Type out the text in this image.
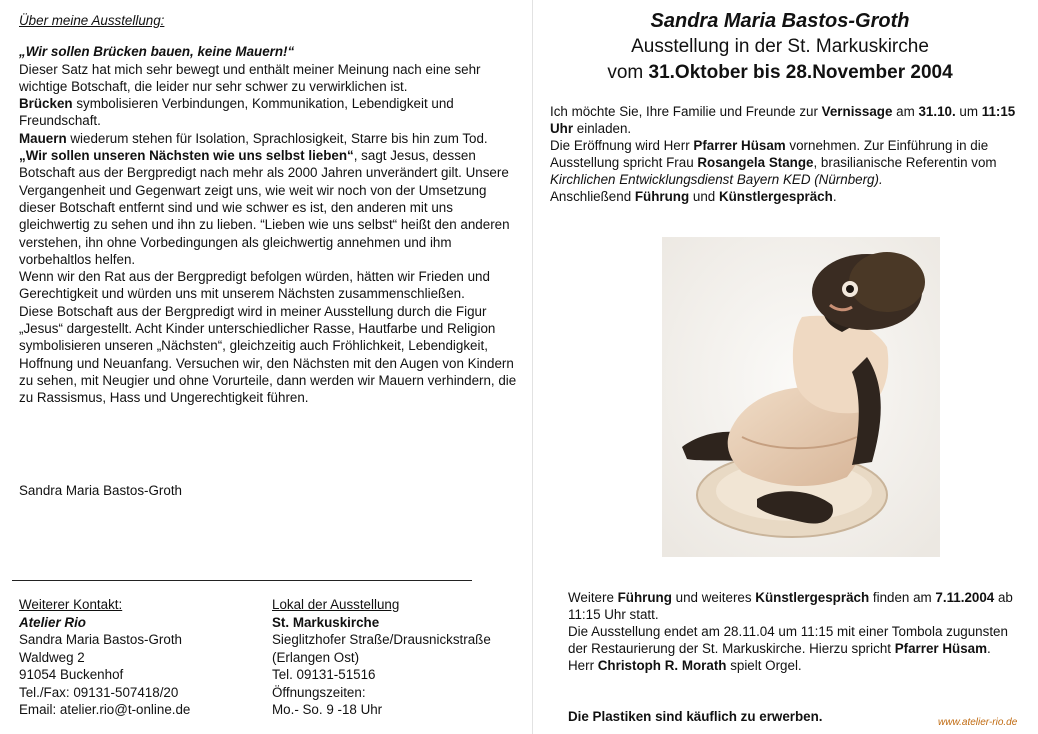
Über meine Ausstellung:

„Wir sollen Brücken bauen, keine Mauern!“

Dieser Satz hat mich sehr bewegt und enthält meiner Meinung nach eine sehr wichtige Botschaft, die leider nur sehr schwer zu verwirklichen ist.

Brücken symbolisieren Verbindungen, Kommunikation, Lebendigkeit und Freundschaft.

Mauern wiederum stehen für Isolation, Sprachlosigkeit, Starre bis hin zum Tod.

„Wir sollen unseren Nächsten wie uns selbst lieben“, sagt Jesus, dessen Botschaft aus der Bergpredigt nach mehr als 2000 Jahren unverändert gilt. Unsere Vergangenheit und Gegenwart zeigt uns, wie weit wir noch von der Umsetzung dieser Botschaft entfernt sind und wie schwer es ist, den anderen mit uns gleichwertig zu sehen und ihn zu lieben. “Lieben wie uns selbst“ heißt den anderen verstehen, ihn ohne Vorbedingungen als gleichwertig annehmen und ihm vorbehaltlos helfen.

Wenn wir den Rat aus der Bergpredigt befolgen würden, hätten wir Frieden und Gerechtigkeit und würden uns mit unserem Nächsten zusammenschließen.

Diese Botschaft aus der Bergpredigt wird in meiner Ausstellung durch die Figur „Jesus“ dargestellt. Acht Kinder unterschiedlicher Rasse, Hautfarbe und Religion symbolisieren unseren „Nächsten“, gleichzeitig auch Fröhlichkeit, Lebendigkeit, Hoffnung und Neuanfang. Versuchen wir, den Nächsten mit den Augen von Kindern zu sehen, mit Neugier und ohne Vorurteile, dann werden wir Mauern verhindern, die zu Rassismus, Hass und Ungerechtigkeit führen.

Sandra Maria Bastos-Groth
Weiterer Kontakt:
Atelier Rio
Sandra Maria Bastos-Groth
Waldweg 2
91054 Buckenhof
Tel./Fax: 09131-507418/20
Email: atelier.rio@t-online.de
Lokal der Ausstellung
St. Markuskirche
Sieglitzhofer Straße/Drausnickstraße
(Erlangen Ost)
Tel. 09131-51516
Öffnungszeiten:
Mo.- So. 9 -18 Uhr
Sandra Maria Bastos-Groth
Ausstellung in der St. Markuskirche
vom 31.Oktober bis 28.November 2004

Ich möchte Sie, Ihre Familie und Freunde zur Vernissage am 31.10. um 11:15 Uhr einladen.

Die Eröffnung wird Herr Pfarrer Hüsam vornehmen. Zur Einführung in die Ausstellung spricht Frau Rosangela Stange, brasilianische Referentin vom Kirchlichen Entwicklungsdienst Bayern KED (Nürnberg).

Anschließend Führung und Künstlergespräch.

Weitere Führung und weiteres Künstlergespräch finden am 7.11.2004 ab 11:15 Uhr statt.

Die Ausstellung endet am 28.11.04 um 11:15 mit einer Tombola zugunsten der Restaurierung der St. Markuskirche. Hierzu spricht Pfarrer Hüsam. Herr Christoph R. Morath spielt Orgel.

Die Plastiken sind käuflich zu erwerben.	www.atelier-rio.de
